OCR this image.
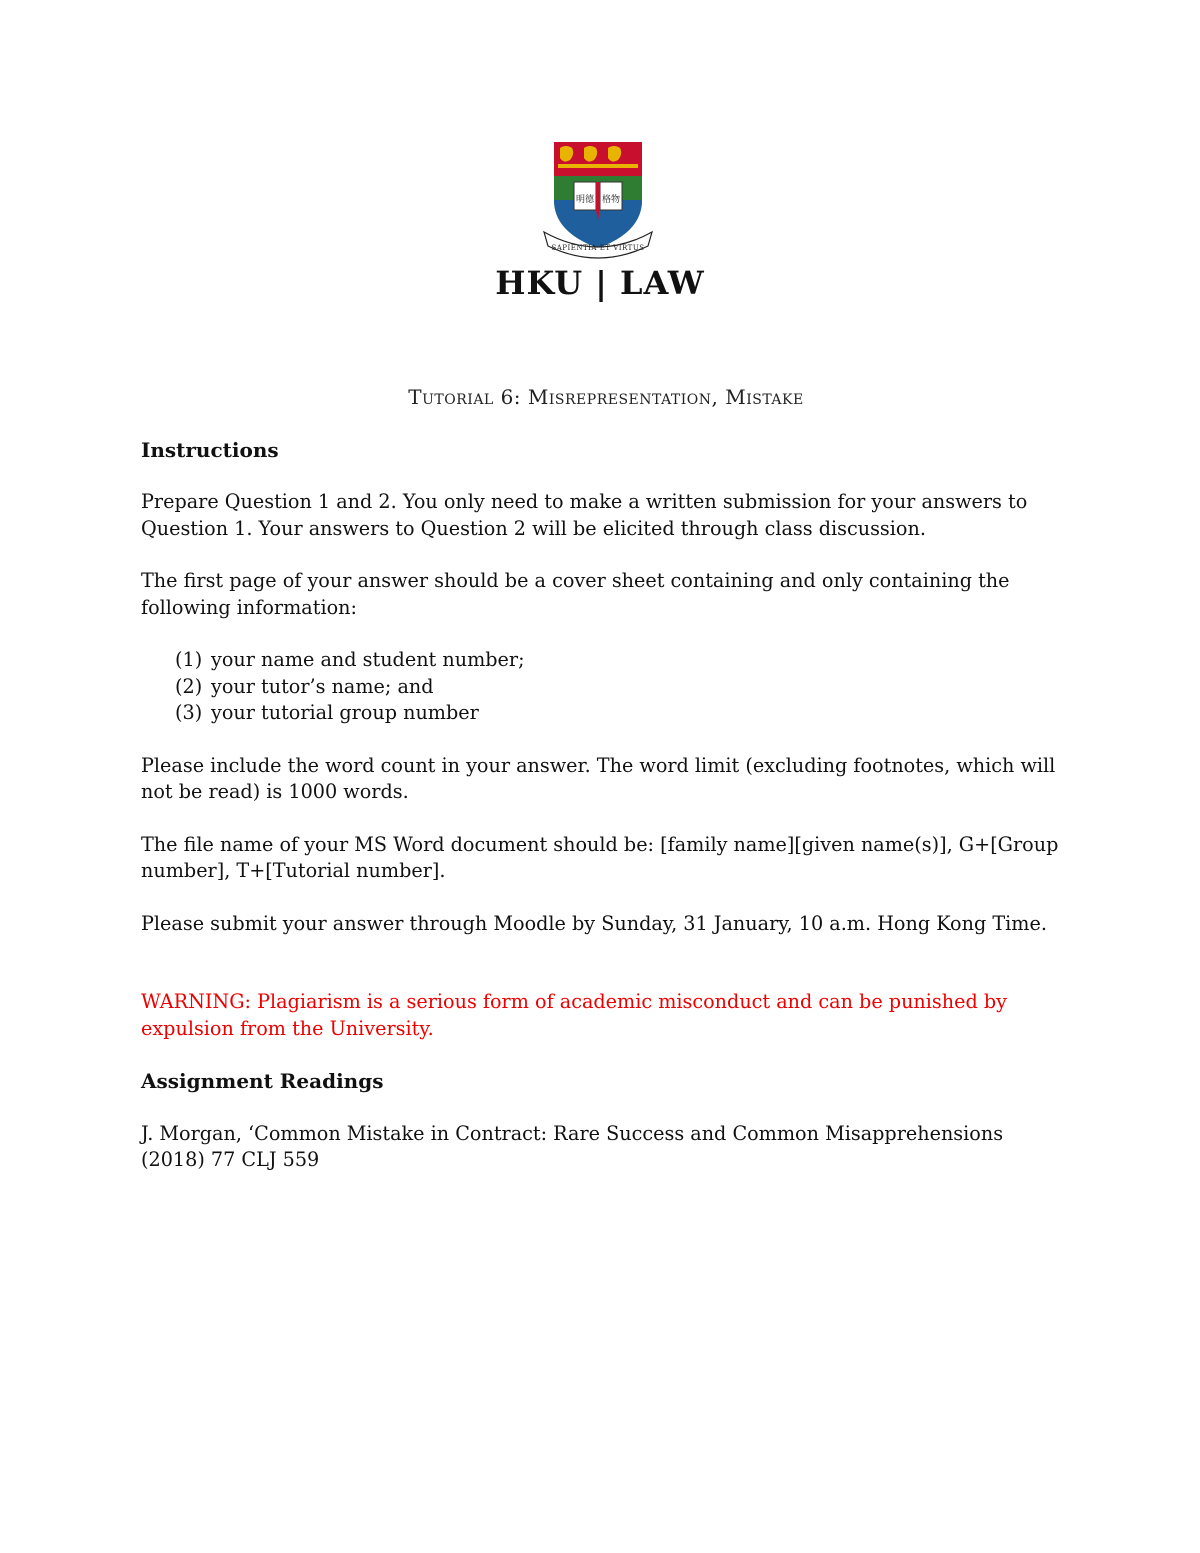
明德 格物
SAPIENTIA ET VIRTUS
HKU | LAW
Tutorial 6: Misrepresentation, Mistake
Instructions

Prepare Question 1 and 2. You only need to make a written submission for your answers to Question 1. Your answers to Question 2 will be elicited through class discussion.

The first page of your answer should be a cover sheet containing and only containing the following information:

(1) your name and student number;
(2) your tutor’s name; and
(3) your tutorial group number

Please include the word count in your answer. The word limit (excluding footnotes, which will not be read) is 1000 words.

The file name of your MS Word document should be: [family name][given name(s)], G+[Group number], T+[Tutorial number].

Please submit your answer through Moodle by Sunday, 31 January, 10 a.m. Hong Kong Time.

WARNING: Plagiarism is a serious form of academic misconduct and can be punished by expulsion from the University.

Assignment Readings

J. Morgan, ‘Common Mistake in Contract: Rare Success and Common Misapprehensions (2018) 77 CLJ 559
